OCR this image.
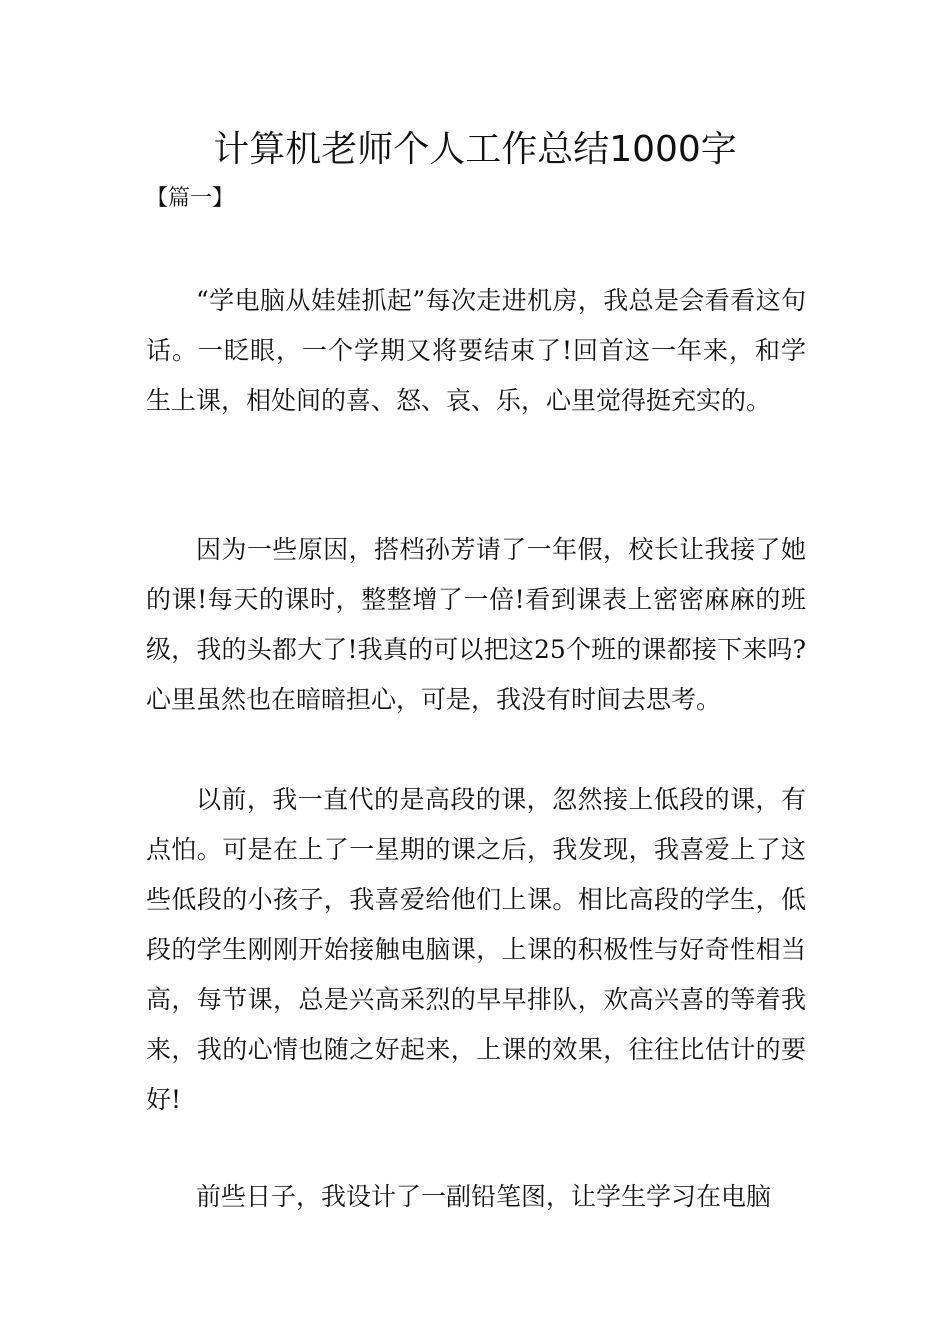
计算机老师个人工作总结1000字
【篇一】

“学电脑从娃娃抓起”每次走进机房，我总是会看看这句话。一眨眼，一个学期又将要结束了!回首这一年来，和学生上课，相处间的喜、怒、哀、乐，心里觉得挺充实的。

因为一些原因，搭档孙芳请了一年假，校长让我接了她的课!每天的课时，整整增了一倍!看到课表上密密麻麻的班级，我的头都大了!我真的可以把这25个班的课都接下来吗?心里虽然也在暗暗担心，可是，我没有时间去思考。

以前，我一直代的是高段的课，忽然接上低段的课，有点怕。可是在上了一星期的课之后，我发现，我喜爱上了这些低段的小孩子，我喜爱给他们上课。相比高段的学生，低段的学生刚刚开始接触电脑课，上课的积极性与好奇性相当高，每节课，总是兴高采烈的早早排队，欢高兴喜的等着我来，我的心情也随之好起来，上课的效果，往往比估计的要好!

前些日子，我设计了一副铅笔图，让学生学习在电脑
